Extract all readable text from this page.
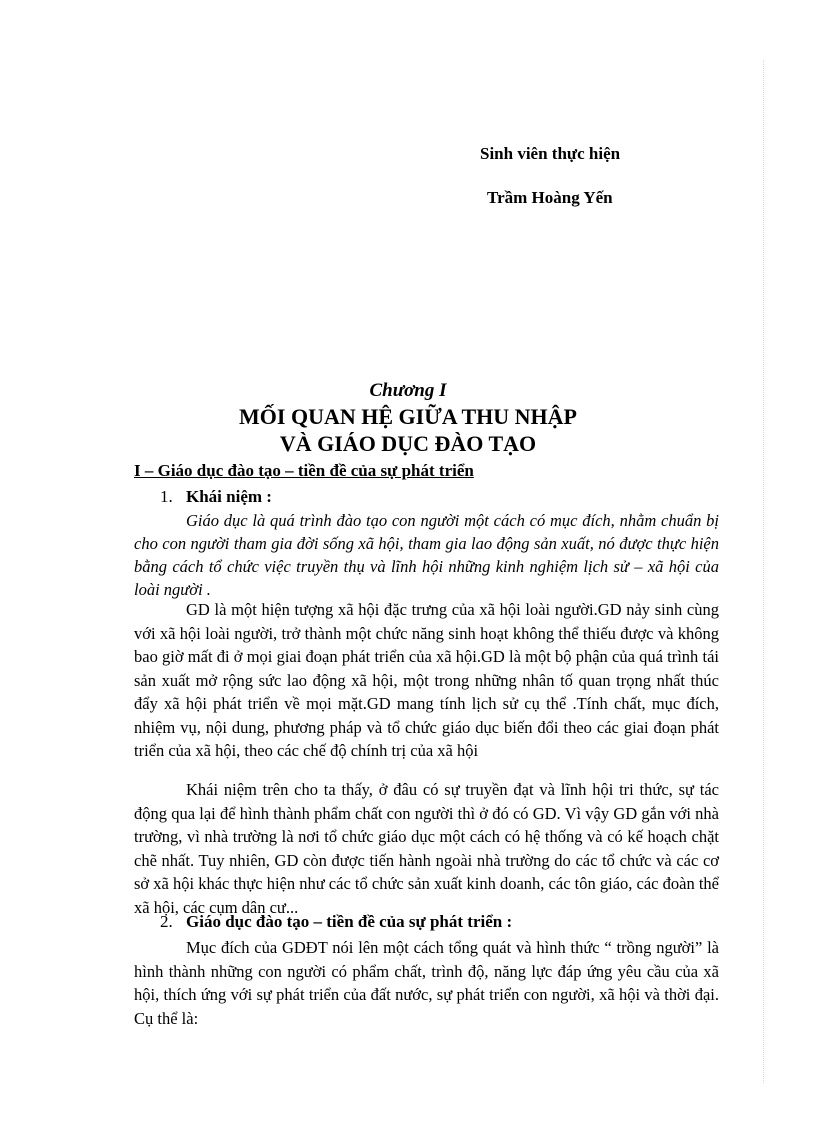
Sinh viên thực hiện
Trầm Hoàng Yến
Chương I
MỐI QUAN HỆ GIỮA THU NHẬP
VÀ GIÁO DỤC ĐÀO TẠO
I – Giáo dục đào tạo – tiền đề của sự phát triển
1. Khái niệm :

Giáo dục là quá trình đào tạo con người một cách có mục đích, nhằm chuẩn bị cho con người tham gia đời sống xã hội, tham gia lao động sản xuất, nó được thực hiện bằng cách tổ chức việc truyền thụ và lĩnh hội những kinh nghiệm lịch sử – xã hội của loài người .

GD là một hiện tượng xã hội đặc trưng của xã hội loài người.GD nảy sinh cùng với xã hội loài người, trở thành một chức năng sinh hoạt không thể thiếu được và không bao giờ mất đi ở mọi giai đoạn phát triển của xã hội.GD là một bộ phận của quá trình tái sản xuất mở rộng sức lao động xã hội, một trong những nhân tố quan trọng nhất thúc đẩy xã hội phát triển về mọi mặt.GD mang tính lịch sử cụ thể .Tính chất, mục đích, nhiệm vụ, nội dung, phương pháp và tổ chức giáo dục biến đổi theo các giai đoạn phát triển của xã hội, theo các chế độ chính trị của xã hội

Khái niệm trên cho ta thấy, ở đâu có sự truyền đạt và lĩnh hội tri thức, sự tác động qua lại để hình thành phẩm chất con người thì ở đó có GD. Vì vậy GD gắn với nhà trường, vì nhà trường là nơi tổ chức giáo dục một cách có hệ thống và có kế hoạch chặt chẽ nhất. Tuy nhiên, GD còn được tiến hành ngoài nhà trường do các tổ chức và các cơ sở xã hội khác thực hiện như các tổ chức sản xuất kinh doanh, các tôn giáo, các đoàn thể xã hội, các cụm dân cư...

2. Giáo dục đào tạo – tiền đề của sự phát triển :

Mục đích của GDĐT nói lên một cách tổng quát và hình thức “ trồng người” là hình thành những con người có phẩm chất, trình độ, năng lực đáp ứng yêu cầu của xã hội, thích ứng với sự phát triển của đất nước, sự phát triển con người, xã hội và thời đại. Cụ thể là:
